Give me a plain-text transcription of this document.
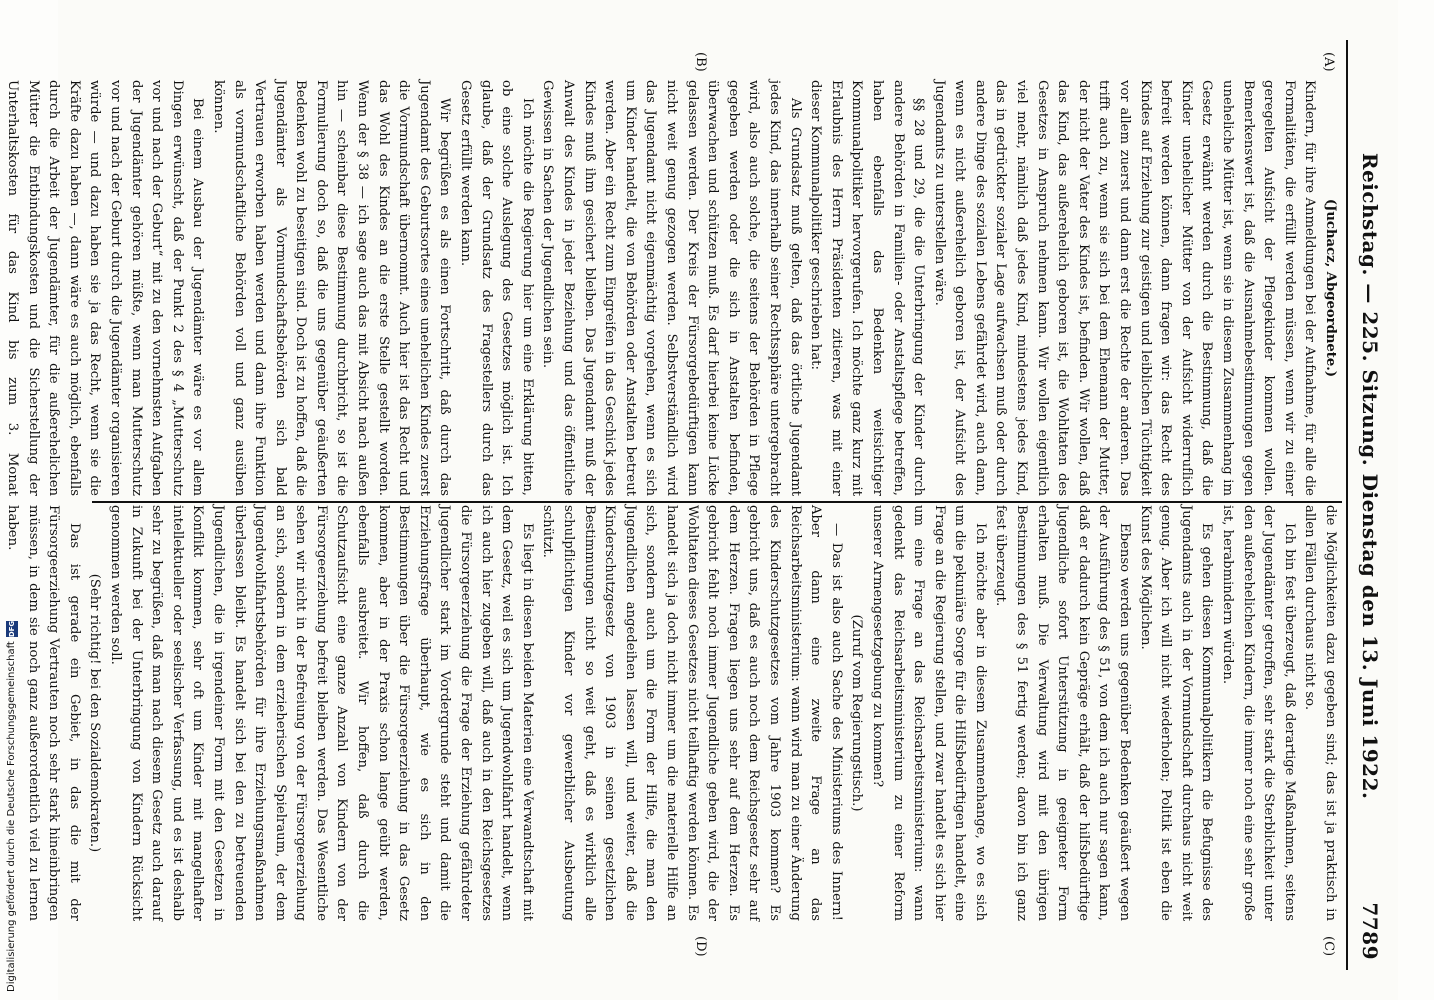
Reichstag. — 225. Sitzung. Dienstag den 13. Juni 1922.
7789
(A)
(B)
(C)
(D)

(Juchacz, Abgeordnete.)

Kindern, für ihre Anmeldungen bei der Aufnahme, für alle die Formalitäten, die erfüllt werden müssen, wenn wir zu einer geregelten Aufsicht der Pflegekinder kommen wollen. Bemerkenswert ist, daß die Ausnahmebestimmungen gegen uneheliche Mütter ist, wenn sie in diesem Zusammenhang im Gesetz erwähnt werden durch die Bestimmung, daß die Kinder unehelicher Mütter von der Aufsicht widerruflich befreit werden können, dann fragen wir: das Recht des Kindes auf Erziehung zur geistigen und leiblichen Tüchtigkeit vor allem zuerst und dann erst die Rechte der anderen. Das trifft auch zu, wenn sie sich bei dem Ehemann der Mutter, der nicht der Vater des Kindes ist, befinden. Wir wollen, daß das Kind, das außerehelich geboren ist, die Wohltaten des Gesetzes in Anspruch nehmen kann. Wir wollen eigentlich viel mehr, nämlich daß jedes Kind, mindestens jedes Kind, das in gedrückter sozialer Lage aufwachsen muß oder durch andere Dinge des sozialen Lebens gefährdet wird, auch dann, wenn es nicht außerehelich geboren ist, der Aufsicht des Jugendamts zu unterstellen wäre.

§§ 28 und 29, die die Unterbringung der Kinder durch andere Behörden in Familien- oder Anstaltspflege betreffen, haben ebenfalls das Bedenken weitsichtiger Kommunalpolitiker hervorgerufen. Ich möchte ganz kurz mit Erlaubnis des Herrn Präsidenten zitieren, was mit einer dieser Kommunalpolitiker geschrieben hat:

Als Grundsatz muß gelten, daß das örtliche Jugendamt jedes Kind, das innerhalb seiner Rechtssphäre untergebracht wird, also auch solche, die seitens der Behörden in Pflege gegeben werden oder die sich in Anstalten befinden, überwachen und schützen muß. Es darf hierbei keine Lücke gelassen werden. Der Kreis der Fürsorgebedürftigen kann nicht weit genug gezogen werden. Selbstverständlich wird das Jugendamt nicht eigenmächtig vorgehen, wenn es sich um Kinder handelt, die von Behörden oder Anstalten betreut werden. Aber ein Recht zum Eingreifen in das Geschick jedes Kindes muß ihm gesichert bleiben. Das Jugendamt muß der Anwalt des Kindes in jeder Beziehung und das öffentliche Gewissen in Sachen der Jugendlichen sein.

Ich möchte die Regierung hier um eine Erklärung bitten, ob eine solche Auslegung des Gesetzes möglich ist. Ich glaube, daß der Grundsatz des Fragestellers durch das Gesetz erfüllt werden kann.

Wir begrüßen es als einen Fortschritt, daß durch das Jugendamt des Geburtsortes eines unehelichen Kindes zuerst die Vormundschaft übernommt. Auch hier ist das Recht und das Wohl des Kindes an die erste Stelle gestellt worden. Wenn der § 38 — ich sage auch das mit Absicht nach außen hin — scheinbar diese Bestimmung durchbricht, so ist die Formulierung doch so, daß die uns gegenüber geäußerten Bedenken wohl zu beseitigen sind. Doch ist zu hoffen, daß die Jugendämter als Vormundschaftsbehörden sich bald Vertrauen erworben haben werden und dann ihre Funktion als vormundschaftliche Behörden voll und ganz ausüben können.

Bei einem Ausbau der Jugendämter wäre es vor allem Dingen erwünscht, daß der Punkt 2 des § 4 „Mutterschutz vor und nach der Geburt“ mit zu den vornehmsten Aufgaben der Jugendämter gehören müßte, wenn man Mutterschutz vor und nach der Geburt durch die Jugendämter organisieren würde — und dazu haben sie ja das Recht, wenn sie die Kräfte dazu haben —, dann wäre es auch möglich, ebenfalls durch die Arbeit der Jugendämter, für die außerehelichen Mütter die Entbindungskosten und die Sicherstellung der Unterhaltskosten für das Kind bis zum 3. Monat

die Möglichkeiten dazu gegeben sind; das ist ja praktisch in allen Fällen durchaus nicht so.

Ich bin fest überzeugt, daß derartige Maßnahmen, seitens der Jugendämter getroffen, sehr stark die Sterblichkeit unter den außerehelichen Kindern, die immer noch eine sehr große ist, herabmindern würden.

Es gehen diesen Kommunalpolitikern die Befugnisse des Jugendamts auch in der Vormundschaft durchaus nicht weit genug. Aber ich will nicht wiederholen; Politik ist eben die Kunst des Möglichen.

Ebenso werden uns gegenüber Bedenken geäußert wegen der Ausführung des § 51, von dem ich auch nur sagen kann, daß er dadurch kein Gepräge erhält, daß der hilfsbedürftige Jugendliche sofort Unterstützung in geeigneter Form erhalten muß. Die Verwaltung wird mit den übrigen Bestimmungen des § 51 fertig werden; davon bin ich ganz fest überzeugt.

Ich möchte aber in diesem Zusammenhange, wo es sich um die pekuniäre Sorge für die Hilfsbedürftigen handelt, eine Frage an die Regierung stellen, und zwar handelt es sich hier um eine Frage an das Reichsarbeitsministerium: wann gedenkt das Reichsarbeitsministerium zu einer Reform unserer Armengesetzgebung zu kommen?

(Zuruf vom Regierungstisch.)

— Das ist also auch Sache des Ministeriums des Innern! Aber dann eine zweite Frage an das Reichsarbeitsministerium: wann wird man zu einer Änderung des Kinderschutzgesetzes vom Jahre 1903 kommen? Es gebricht uns, daß es auch noch dem Reichsgesetz sehr auf dem Herzen. Fragen liegen uns sehr auf dem Herzen. Es gebricht fehlt noch immer Jugendliche geben wird, die der Wohltaten dieses Gesetzes nicht teilhaftig werden können. Es handelt sich ja doch nicht immer um die materielle Hilfe an sich, sondern auch um die Form der Hilfe, die man den Jugendlichen angedeihen lassen will, und weiter, daß die Kinderschutzgesetz von 1903 in seinen gesetzlichen Bestimmungen nicht so weit geht, daß es wirklich alle schulpflichtigen Kinder vor gewerblicher Ausbeutung schützt.

Es liegt in diesen beiden Materien eine Verwandtschaft mit dem Gesetz, weil es sich um Jugendwohlfahrt handelt, wenn ich auch hier zugeben will, daß auch in den Reichsgesetzes die Fürsorgeerziehung die Frage der Erziehung gefährdeter Jugendlicher stark im Vordergrunde steht und damit die Erziehungsfrage überhaupt, wie es sich in den Bestimmungen über die Fürsorgeerziehung in das Gesetz kommen, aber in der Praxis schon lange geübt werden, ebenfalls ausbreitet. Wir hoffen, daß durch die Schutzaufsicht eine ganze Anzahl von Kindern von der Fürsorgeerziehung befreit bleiben werden. Das Wesentliche sehen wir nicht in der Befreiung von der Fürsorgeerziehung an sich, sondern in dem erzieherischen Spielraum, der dem Jugendwohlfahrtsbehörden für ihre Erziehungsmaßnahmen überlassen bleibt. Es handelt sich bei den zu betreuenden Jugendlichen, die in irgendeiner Form mit den Gesetzen in Konflikt kommen, sehr oft um Kinder mit mangelhafter intellektueller oder seelischer Verfassung, und es ist deshalb sehr zu begrüßen, daß man nach diesem Gesetz auch darauf in Zukunft bei der Unterbringung von Kindern Rücksicht genommen werden soll.

(Sehr richtig! bei den Sozialdemokraten.)

Das ist gerade ein Gebiet, in das die mit der Fürsorgeerziehung Vertrauten noch sehr stark hineinbringen müssen, in dem sie noch ganz außerordentlich viel zu lernen haben.

Digitalisierung gefördert durch die Deutsche Forschungsgemeinschaft
DFG
